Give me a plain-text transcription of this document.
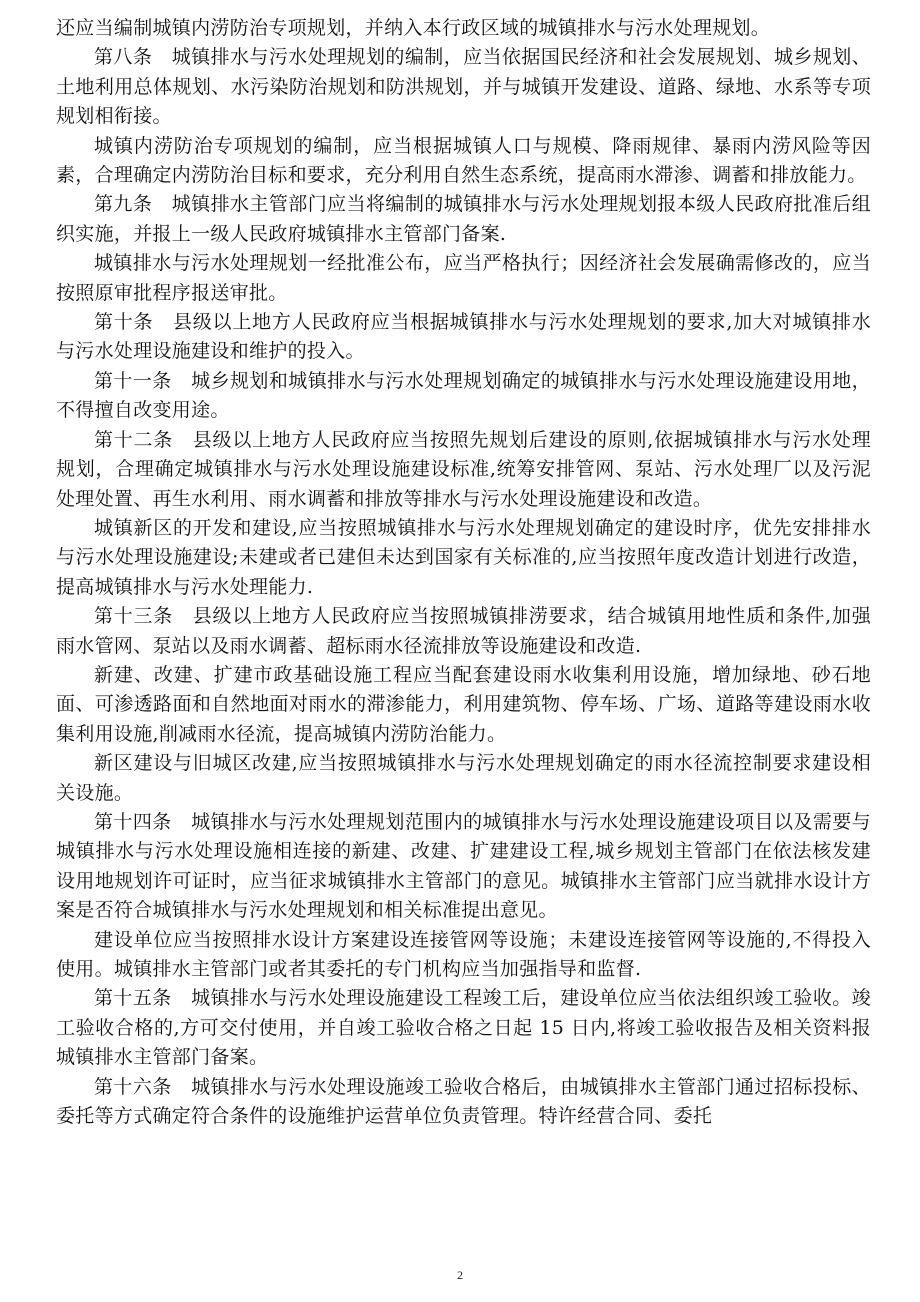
还应当编制城镇内涝防治专项规划，并纳入本行政区域的城镇排水与污水处理规划。

第八条　城镇排水与污水处理规划的编制，应当依据国民经济和社会发展规划、城乡规划、土地利用总体规划、水污染防治规划和防洪规划，并与城镇开发建设、道路、绿地、水系等专项规划相衔接。

城镇内涝防治专项规划的编制，应当根据城镇人口与规模、降雨规律、暴雨内涝风险等因素，合理确定内涝防治目标和要求，充分利用自然生态系统，提高雨水滞渗、调蓄和排放能力。

第九条　城镇排水主管部门应当将编制的城镇排水与污水处理规划报本级人民政府批准后组织实施，并报上一级人民政府城镇排水主管部门备案.

城镇排水与污水处理规划一经批准公布，应当严格执行；因经济社会发展确需修改的，应当按照原审批程序报送审批。

第十条　县级以上地方人民政府应当根据城镇排水与污水处理规划的要求,加大对城镇排水与污水处理设施建设和维护的投入。

第十一条　城乡规划和城镇排水与污水处理规划确定的城镇排水与污水处理设施建设用地，不得擅自改变用途。

第十二条　县级以上地方人民政府应当按照先规划后建设的原则,依据城镇排水与污水处理规划，合理确定城镇排水与污水处理设施建设标准,统筹安排管网、泵站、污水处理厂以及污泥处理处置、再生水利用、雨水调蓄和排放等排水与污水处理设施建设和改造。

城镇新区的开发和建设,应当按照城镇排水与污水处理规划确定的建设时序，优先安排排水与污水处理设施建设;未建或者已建但未达到国家有关标准的,应当按照年度改造计划进行改造，提高城镇排水与污水处理能力.

第十三条　县级以上地方人民政府应当按照城镇排涝要求，结合城镇用地性质和条件,加强雨水管网、泵站以及雨水调蓄、超标雨水径流排放等设施建设和改造.

新建、改建、扩建市政基础设施工程应当配套建设雨水收集利用设施，增加绿地、砂石地面、可渗透路面和自然地面对雨水的滞渗能力，利用建筑物、停车场、广场、道路等建设雨水收集利用设施,削减雨水径流，提高城镇内涝防治能力。

新区建设与旧城区改建,应当按照城镇排水与污水处理规划确定的雨水径流控制要求建设相关设施。

第十四条　城镇排水与污水处理规划范围内的城镇排水与污水处理设施建设项目以及需要与城镇排水与污水处理设施相连接的新建、改建、扩建建设工程,城乡规划主管部门在依法核发建设用地规划许可证时，应当征求城镇排水主管部门的意见。城镇排水主管部门应当就排水设计方案是否符合城镇排水与污水处理规划和相关标准提出意见。

建设单位应当按照排水设计方案建设连接管网等设施；未建设连接管网等设施的,不得投入使用。城镇排水主管部门或者其委托的专门机构应当加强指导和监督.

第十五条　城镇排水与污水处理设施建设工程竣工后，建设单位应当依法组织竣工验收。竣工验收合格的,方可交付使用，并自竣工验收合格之日起 15 日内,将竣工验收报告及相关资料报城镇排水主管部门备案。

第十六条　城镇排水与污水处理设施竣工验收合格后，由城镇排水主管部门通过招标投标、委托等方式确定符合条件的设施维护运营单位负责管理。特许经营合同、委托

2
